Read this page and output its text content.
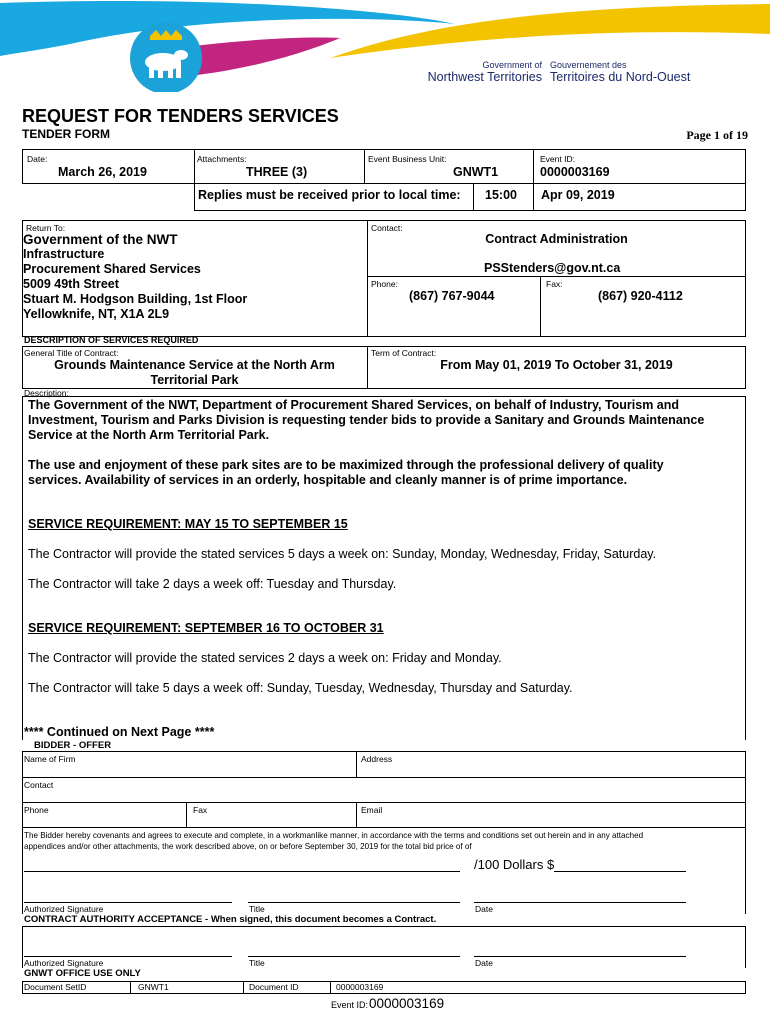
Government of
Northwest Territories
Gouvernement des
Territoires du Nord-Ouest
REQUEST FOR TENDERS SERVICES
TENDER FORM	Page 1 of 19
Date:
March 26, 2019
Attachments:
THREE (3)
Event Business Unit:
GNWT1
Event ID:
0000003169
Replies must be received prior to local time: 15:00 Apr 09, 2019
Return To:
Government of the NWT
Infrastructure
Procurement Shared Services
5009 49th Street
Stuart M. Hodgson Building, 1st Floor
Yellowknife, NT, X1A 2L9
Contact:
Contract Administration
PSStenders@gov.nt.ca
Phone:
(867) 767-9044
Fax:
(867) 920-4112
DESCRIPTION OF SERVICES REQUIRED
General Title of Contract:
Grounds Maintenance Service at the North Arm
Territorial Park
Term of Contract:
From May 01, 2019 To October 31, 2019
Description:
The Government of the NWT, Department of Procurement Shared Services, on behalf of Industry, Tourism and
Investment, Tourism and Parks Division is requesting tender bids to provide a Sanitary and Grounds Maintenance
Service at the North Arm Territorial Park.
The use and enjoyment of these park sites are to be maximized through the professional delivery of quality
services. Availability of services in an orderly, hospitable and cleanly manner is of prime importance.
SERVICE REQUIREMENT: MAY 15 TO SEPTEMBER 15
The Contractor will provide the stated services 5 days a week on: Sunday, Monday, Wednesday, Friday, Saturday.
The Contractor will take 2 days a week off: Tuesday and Thursday.
SERVICE REQUIREMENT: SEPTEMBER 16 TO OCTOBER 31
The Contractor will provide the stated services 2 days a week on: Friday and Monday.
The Contractor will take 5 days a week off: Sunday, Tuesday, Wednesday, Thursday and Saturday.
**** Continued on Next Page ****
BIDDER - OFFER
Name of Firm	Address
Contact
Phone	Fax	Email
The Bidder hereby covenants and agrees to execute and complete, in a workmanlike manner, in accordance with the terms and conditions set out herein and in any attached
appendices and/or other attachments, the work described above, on or before September 30, 2019 for the total bid price of of
/100 Dollars $
Authorized Signature	Title	Date
CONTRACT AUTHORITY ACCEPTANCE - When signed, this document becomes a Contract.
Authorized Signature	Title	Date
GNWT OFFICE USE ONLY
Document SetID	GNWT1	Document ID	0000003169
Event ID: 0000003169
